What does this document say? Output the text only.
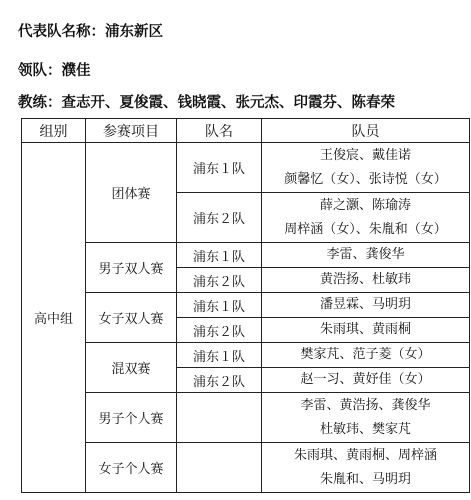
代表队名称：浦东新区
领队：濮佳
教练：查志开、夏俊霞、钱晓霞、张元杰、印霞芬、陈春荣
组别	参赛项目	队名	队员
高中组	团体赛	浦东１队	王俊宸、戴佳诺
颜馨忆（女）、张诗悦（女）

		浦东２队	薛之灏、陈瑜涛
周梓涵（女）、朱胤和（女）

	男子双人赛	浦东１队	李雷、龚俊华

		浦东２队	黄浩扬、杜敏玮

	女子双人赛	浦东１队	潘昱霖、马明玥

		浦东２队	朱雨琪、黄雨桐

	混双赛	浦东１队	樊家芃、范子菱（女）

		浦东２队	赵一习、黄妤佳（女）

	男子个人赛		李雷、黄浩扬、龚俊华
杜敏玮、樊家芃

	女子个人赛		朱雨琪、黄雨桐、周梓涵
朱胤和、马明玥
